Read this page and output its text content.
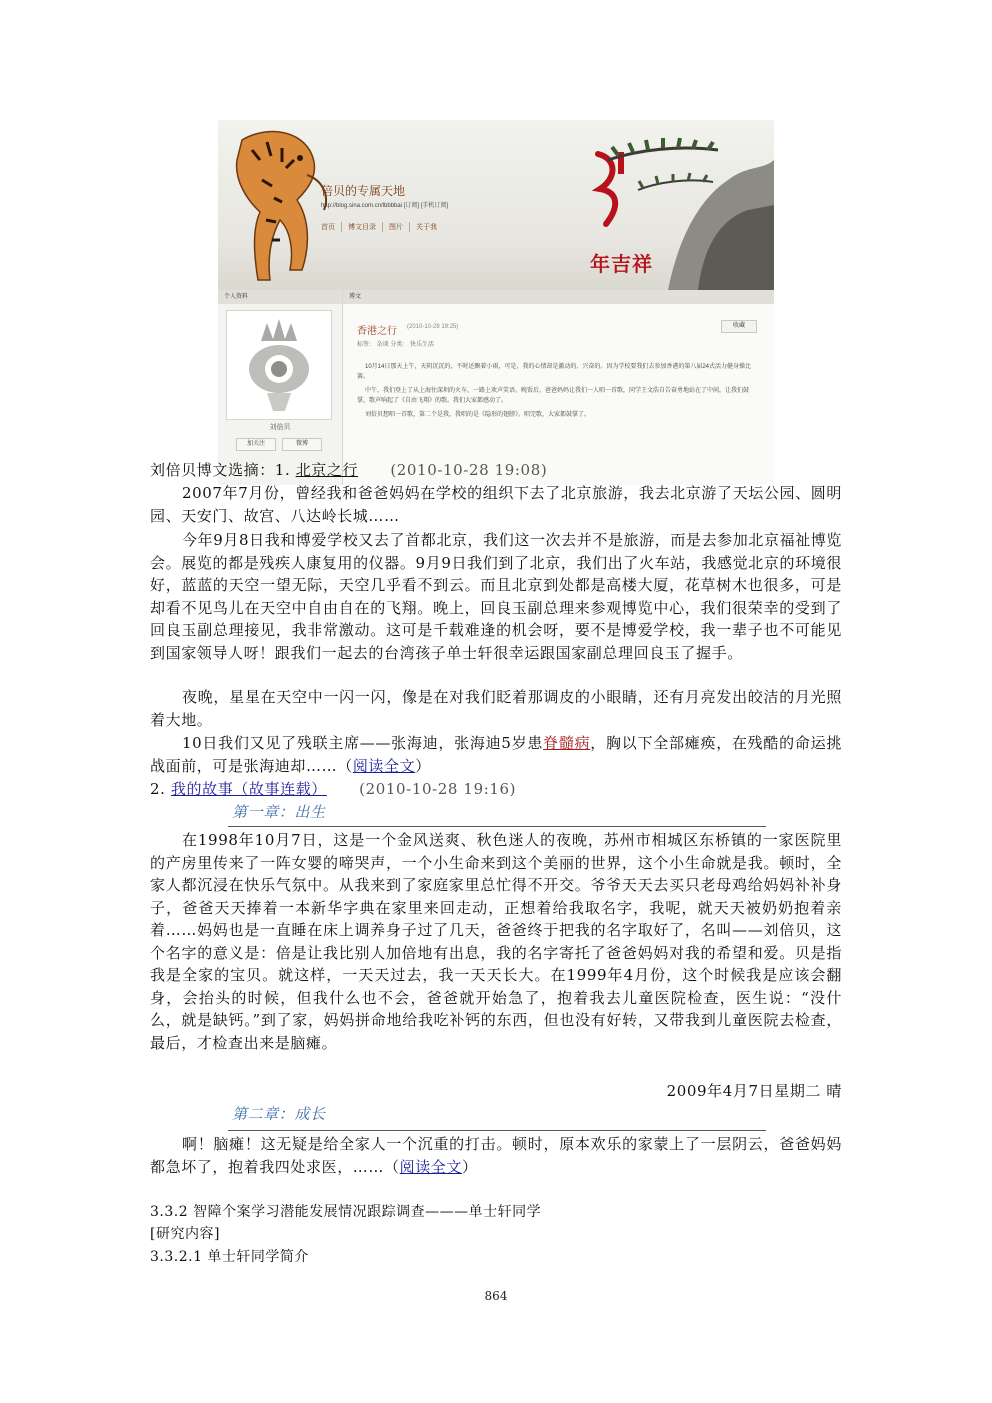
倍贝的专属天地
http://blog.sina.com.cn/lbbbbai [订阅] [手机订阅]
首页	博文目录	图片	关于我
年吉祥
个人资料
刘倍贝
加关注	微博
博文
香港之行 (2010-10-28 19:25)
标签： 杂谈 分类： 快乐生活
收藏

10月14日那天上午，天阴沉沉的，不时还飘着小雨，可是，我的心情却是激动的、兴奋的。因为学校要我们去参加香港的第八届24式活力健身操比赛。

中午，我们登上了从上海往深圳的火车，一路上欢声笑语。晚饭后，爸爸妈妈让我们一人唱一首歌，同学王文浩自告奋勇地站在了中间，让我们鼓掌，歌声响起了《自由飞翔》的歌。我们大家都感动了。

刘倍贝想唱一首歌，第二个是我，我唱的是《隐形的翅膀》。唱完歌，大家都鼓掌了。

刘倍贝博文选摘：1. 北京之行 (2010-10-28 19:08)
2007年7月份，曾经我和爸爸妈妈在学校的组织下去了北京旅游，我去北京游了天坛公园、圆明园、天安门、故宫、八达岭长城……
今年9月8日我和博爱学校又去了首都北京，我们这一次去并不是旅游，而是去参加北京福祉博览会。展览的都是残疾人康复用的仪器。9月9日我们到了北京，我们出了火车站，我感觉北京的环境很好，蓝蓝的天空一望无际，天空几乎看不到云。而且北京到处都是高楼大厦，花草树木也很多，可是却看不见鸟儿在天空中自由自在的飞翔。晚上，回良玉副总理来参观博览中心，我们很荣幸的受到了回良玉副总理接见，我非常激动。这可是千载难逢的机会呀，要不是博爱学校，我一辈子也不可能见到国家领导人呀！跟我们一起去的台湾孩子单士轩很幸运跟国家副总理回良玉了握手。
夜晚，星星在天空中一闪一闪，像是在对我们眨着那调皮的小眼睛，还有月亮发出皎洁的月光照着大地。
10日我们又见了残联主席——张海迪，张海迪5岁患脊髓病，胸以下全部瘫痪，在残酷的命运挑战面前，可是张海迪却……（阅读全文）
2. 我的故事（故事连载） (2010-10-28 19:16)
第一章：出生
在1998年10月7日，这是一个金风送爽、秋色迷人的夜晚，苏州市相城区东桥镇的一家医院里的产房里传来了一阵女婴的啼哭声，一个小生命来到这个美丽的世界，这个小生命就是我。顿时，全家人都沉浸在快乐气氛中。从我来到了家庭家里总忙得不开交。爷爷天天去买只老母鸡给妈妈补补身子，爸爸天天捧着一本新华字典在家里来回走动，正想着给我取名字，我呢，就天天被奶奶抱着亲着……妈妈也是一直睡在床上调养身子过了几天，爸爸终于把我的名字取好了，名叫——刘倍贝，这个名字的意义是：倍是让我比别人加倍地有出息，我的名字寄托了爸爸妈妈对我的希望和爱。贝是指我是全家的宝贝。就这样，一天天过去，我一天天长大。在1999年4月份，这个时候我是应该会翻身，会抬头的时候，但我什么也不会，爸爸就开始急了，抱着我去儿童医院检查，医生说：“没什么，就是缺钙。”到了家，妈妈拼命地给我吃补钙的东西，但也没有好转，又带我到儿童医院去检查，最后，才检查出来是脑瘫。
2009年4月7日星期二 晴
第二章：成长
啊！脑瘫！这无疑是给全家人一个沉重的打击。顿时，原本欢乐的家蒙上了一层阴云，爸爸妈妈都急坏了，抱着我四处求医，……（阅读全文）
3.3.2 智障个案学习潜能发展情况跟踪调查———单士轩同学
[研究内容]
3.3.2.1 单士轩同学简介
864
